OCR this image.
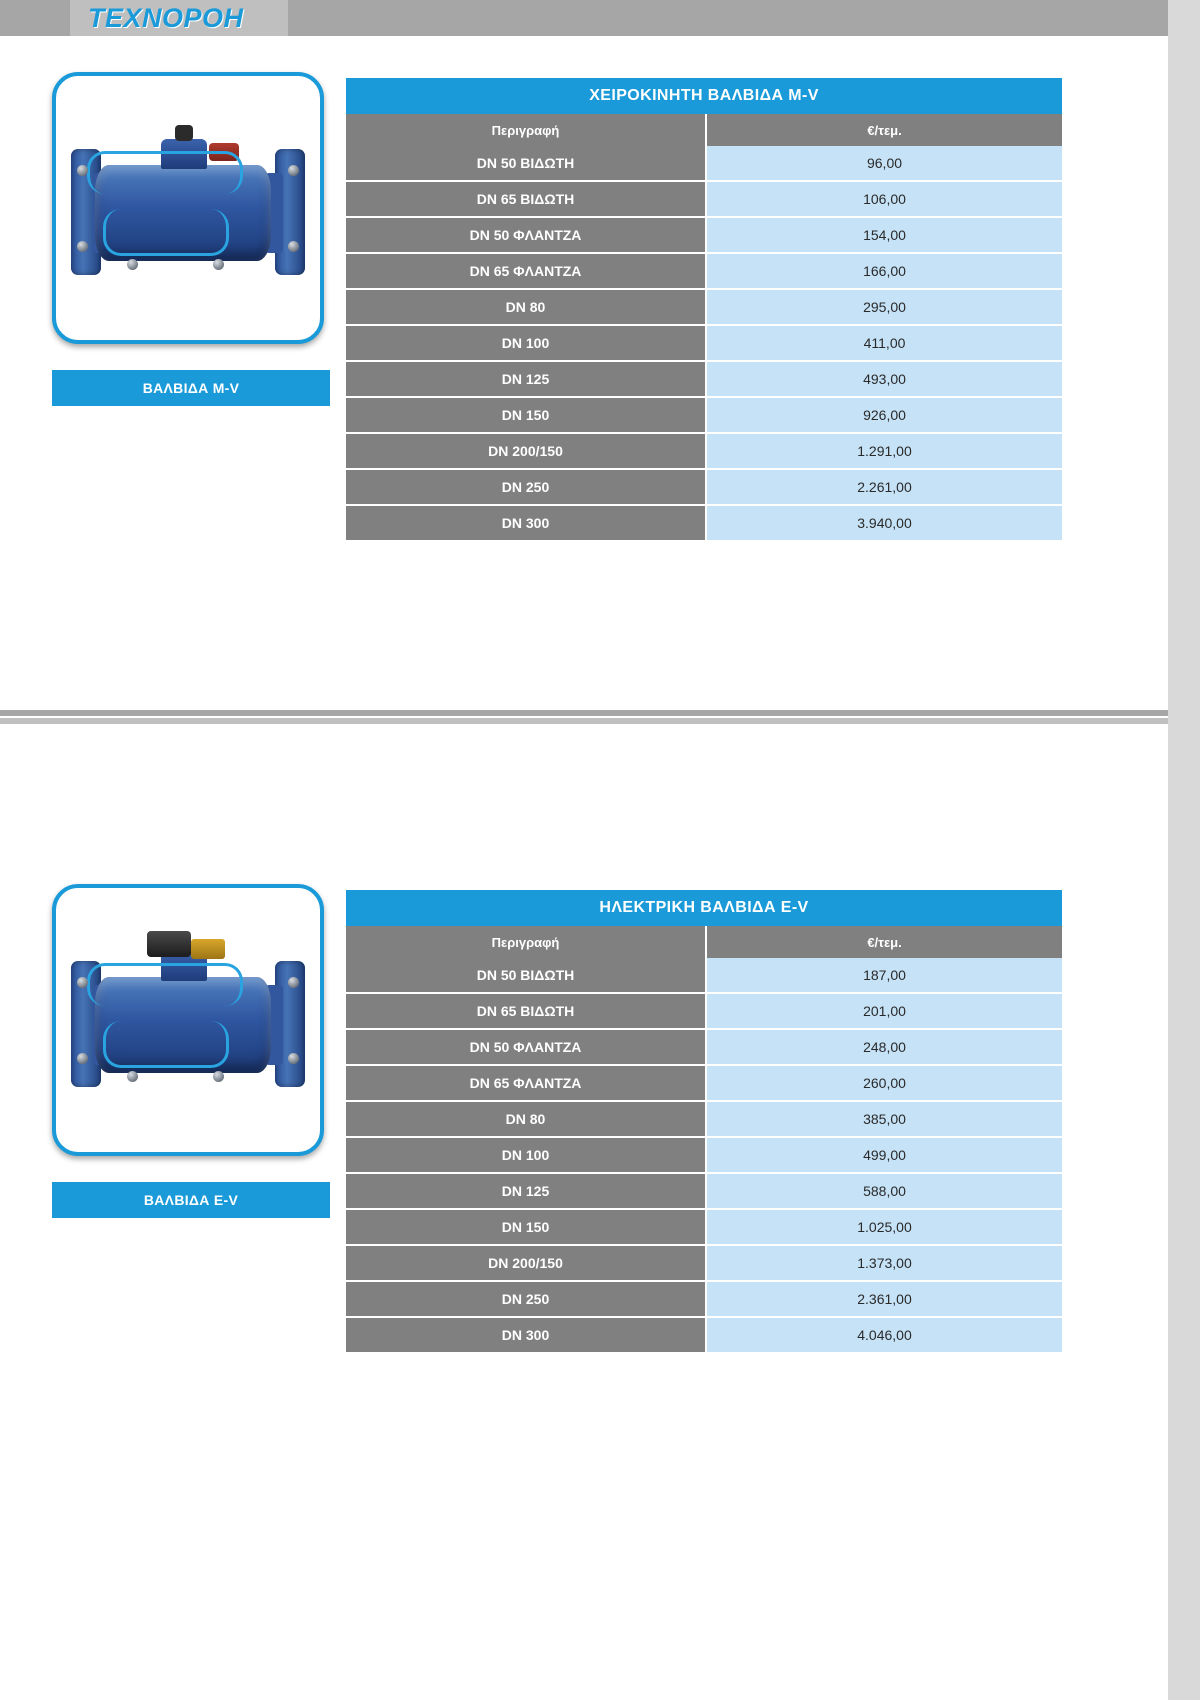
ΤΕΧΝΟΡΟΗ
ΒΑΛΒΙΔΑ M-V
ΧΕΙΡΟΚΙΝΗΤΗ ΒΑΛΒΙΔΑ M-V	
Περιγραφή	€/τεμ.
DN 50 ΒΙΔΩΤΗ	96,00
DN 65 ΒΙΔΩΤΗ	106,00
DN 50 ΦΛΑΝΤΖΑ	154,00
DN 65 ΦΛΑΝΤΖΑ	166,00
DN 80	295,00
DN 100	411,00
DN 125	493,00
DN 150	926,00
DN 200/150	1.291,00
DN 250	2.261,00
DN 300	3.940,00
ΒΑΛΒΙΔΑ E-V
ΗΛΕΚΤΡΙΚΗ ΒΑΛΒΙΔΑ E-V	
Περιγραφή	€/τεμ.
DN 50 ΒΙΔΩΤΗ	187,00
DN 65 ΒΙΔΩΤΗ	201,00
DN 50 ΦΛΑΝΤΖΑ	248,00
DN 65 ΦΛΑΝΤΖΑ	260,00
DN 80	385,00
DN 100	499,00
DN 125	588,00
DN 150	1.025,00
DN 200/150	1.373,00
DN 250	2.361,00
DN 300	4.046,00
